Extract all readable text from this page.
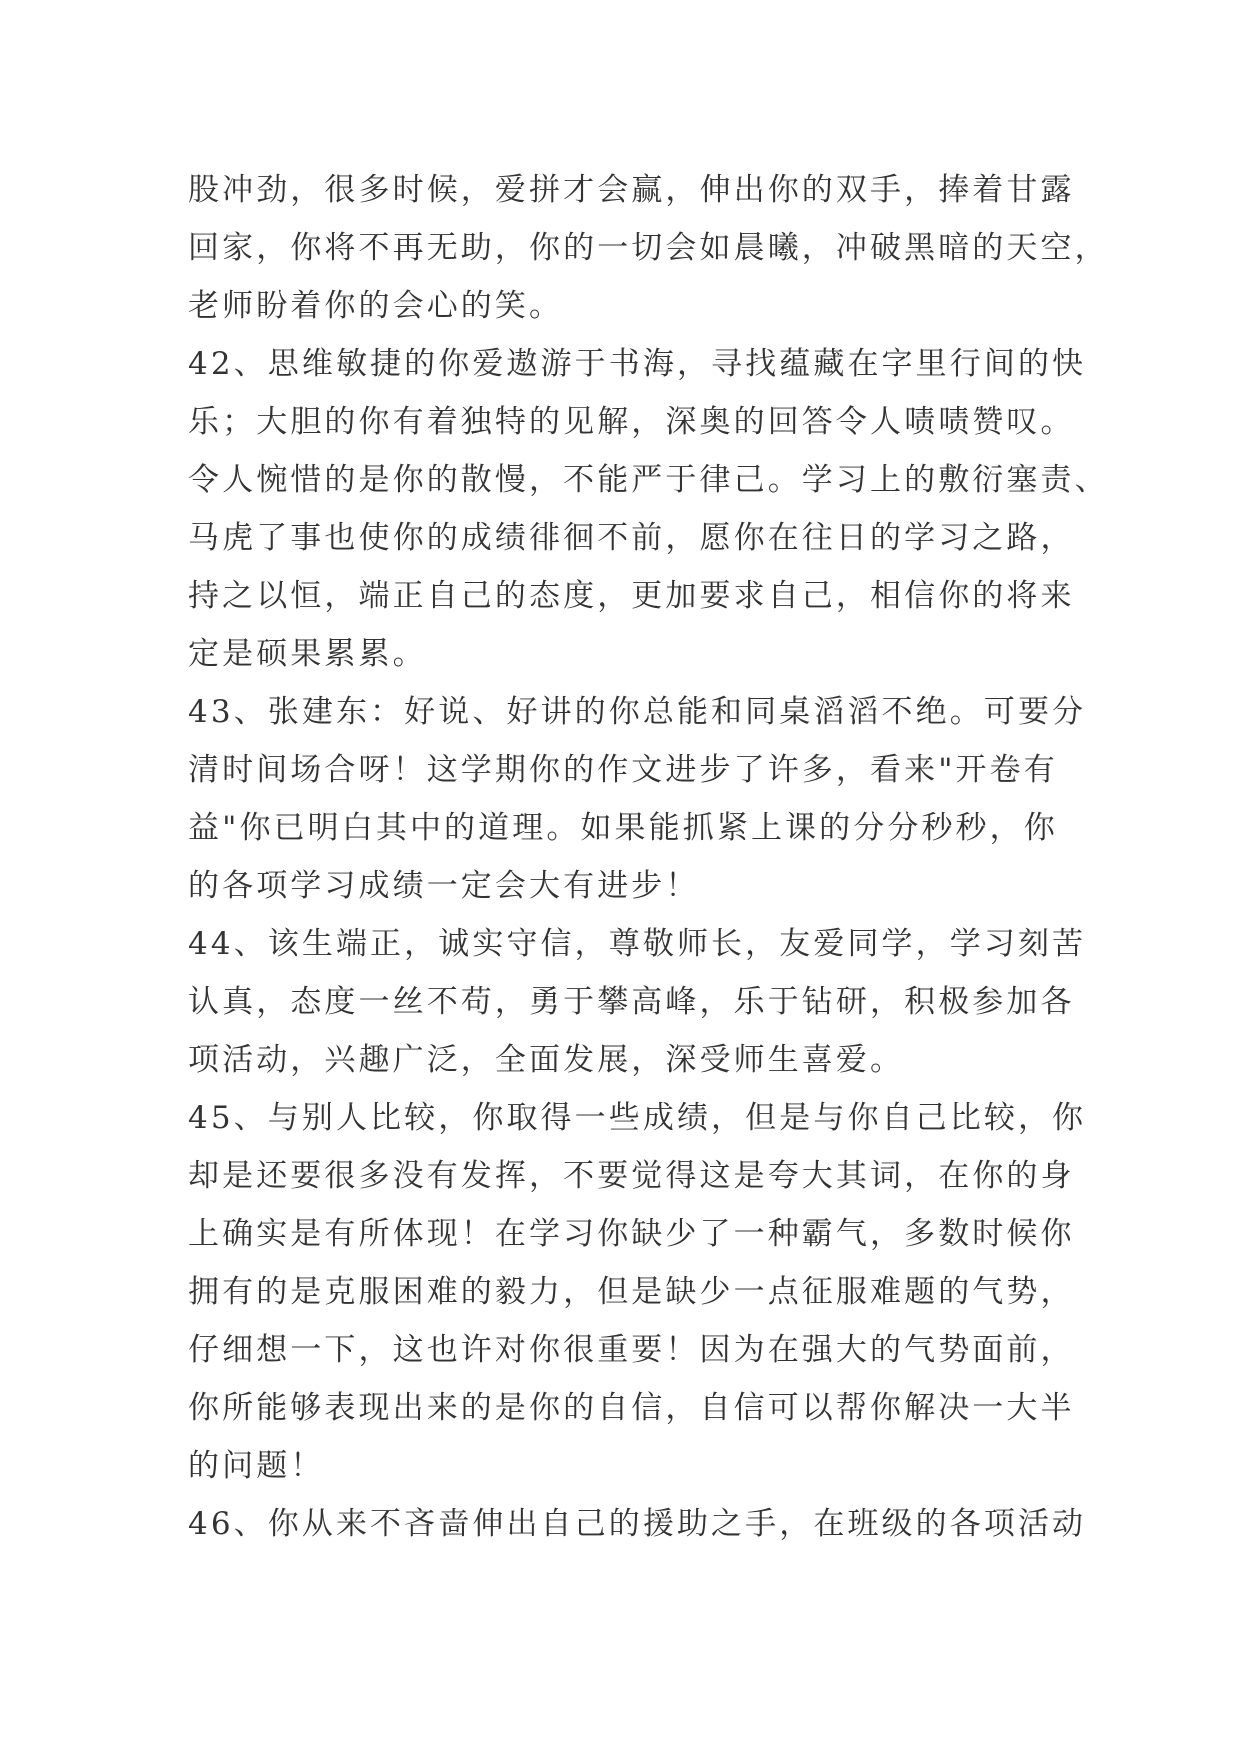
股冲劲，很多时候，爱拼才会赢，伸出你的双手，捧着甘露
回家，你将不再无助，你的一切会如晨曦，冲破黑暗的天空，
老师盼着你的会心的笑。
42、思维敏捷的你爱遨游于书海，寻找蕴藏在字里行间的快
乐；大胆的你有着独特的见解，深奥的回答令人啧啧赞叹。
令人惋惜的是你的散慢，不能严于律己。学习上的敷衍塞责、
马虎了事也使你的成绩徘徊不前，愿你在往日的学习之路，
持之以恒，端正自己的态度，更加要求自己，相信你的将来
定是硕果累累。
43、张建东：好说、好讲的你总能和同桌滔滔不绝。可要分
清时间场合呀！这学期你的作文进步了许多，看来"开卷有
益"你已明白其中的道理。如果能抓紧上课的分分秒秒，你
的各项学习成绩一定会大有进步！
44、该生端正，诚实守信，尊敬师长，友爱同学，学习刻苦
认真，态度一丝不苟，勇于攀高峰，乐于钻研，积极参加各
项活动，兴趣广泛，全面发展，深受师生喜爱。
45、与别人比较，你取得一些成绩，但是与你自己比较，你
却是还要很多没有发挥，不要觉得这是夸大其词，在你的身
上确实是有所体现！在学习你缺少了一种霸气，多数时候你
拥有的是克服困难的毅力，但是缺少一点征服难题的气势，
仔细想一下，这也许对你很重要！因为在强大的气势面前，
你所能够表现出来的是你的自信，自信可以帮你解决一大半
的问题！
46、你从来不吝啬伸出自己的援助之手，在班级的各项活动
